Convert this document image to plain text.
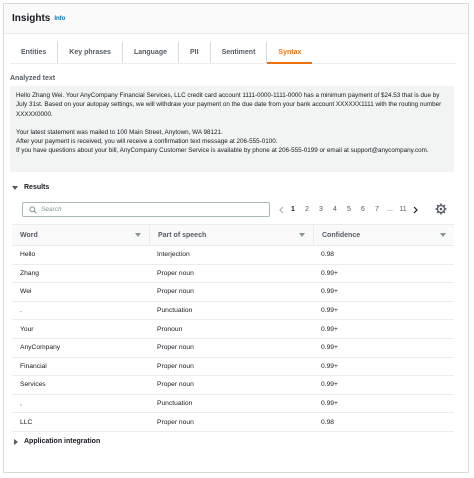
Insights Info
Entities	Key phrases	Language	PII	Sentiment	Syntax
Analyzed text

Hello Zhang Wei. Your AnyCompany Financial Services, LLC credit card account 1111-0000-1111-0000 has a minimum payment of $24.53 that is due by July 31st. Based on your autopay settings, we will withdraw your payment on the due date from your bank account XXXXXX1111 with the routing number XXXXX0000.

Your latest statement was mailed to 100 Main Street, Anytown, WA 98121.
After your payment is received, you will receive a confirmation text message at 206-555-0100.
If you have questions about your bill, AnyCompany Customer Service is available by phone at 206-555-0199 or email at support@anycompany.com.

Results
Search
1	2	3	4	5	6	7	... 11
Word	Part of speech	Confidence
Hello	Interjection	0.98
Zhang	Proper noun	0.99+
Wei	Proper noun	0.99+
.	Punctuation	0.99+
Your	Pronoun	0.99+
AnyCompany	Proper noun	0.99+
Financial	Proper noun	0.99+
Services	Proper noun	0.99+
,	Punctuation	0.99+
LLC	Proper noun	0.98
Application integration
